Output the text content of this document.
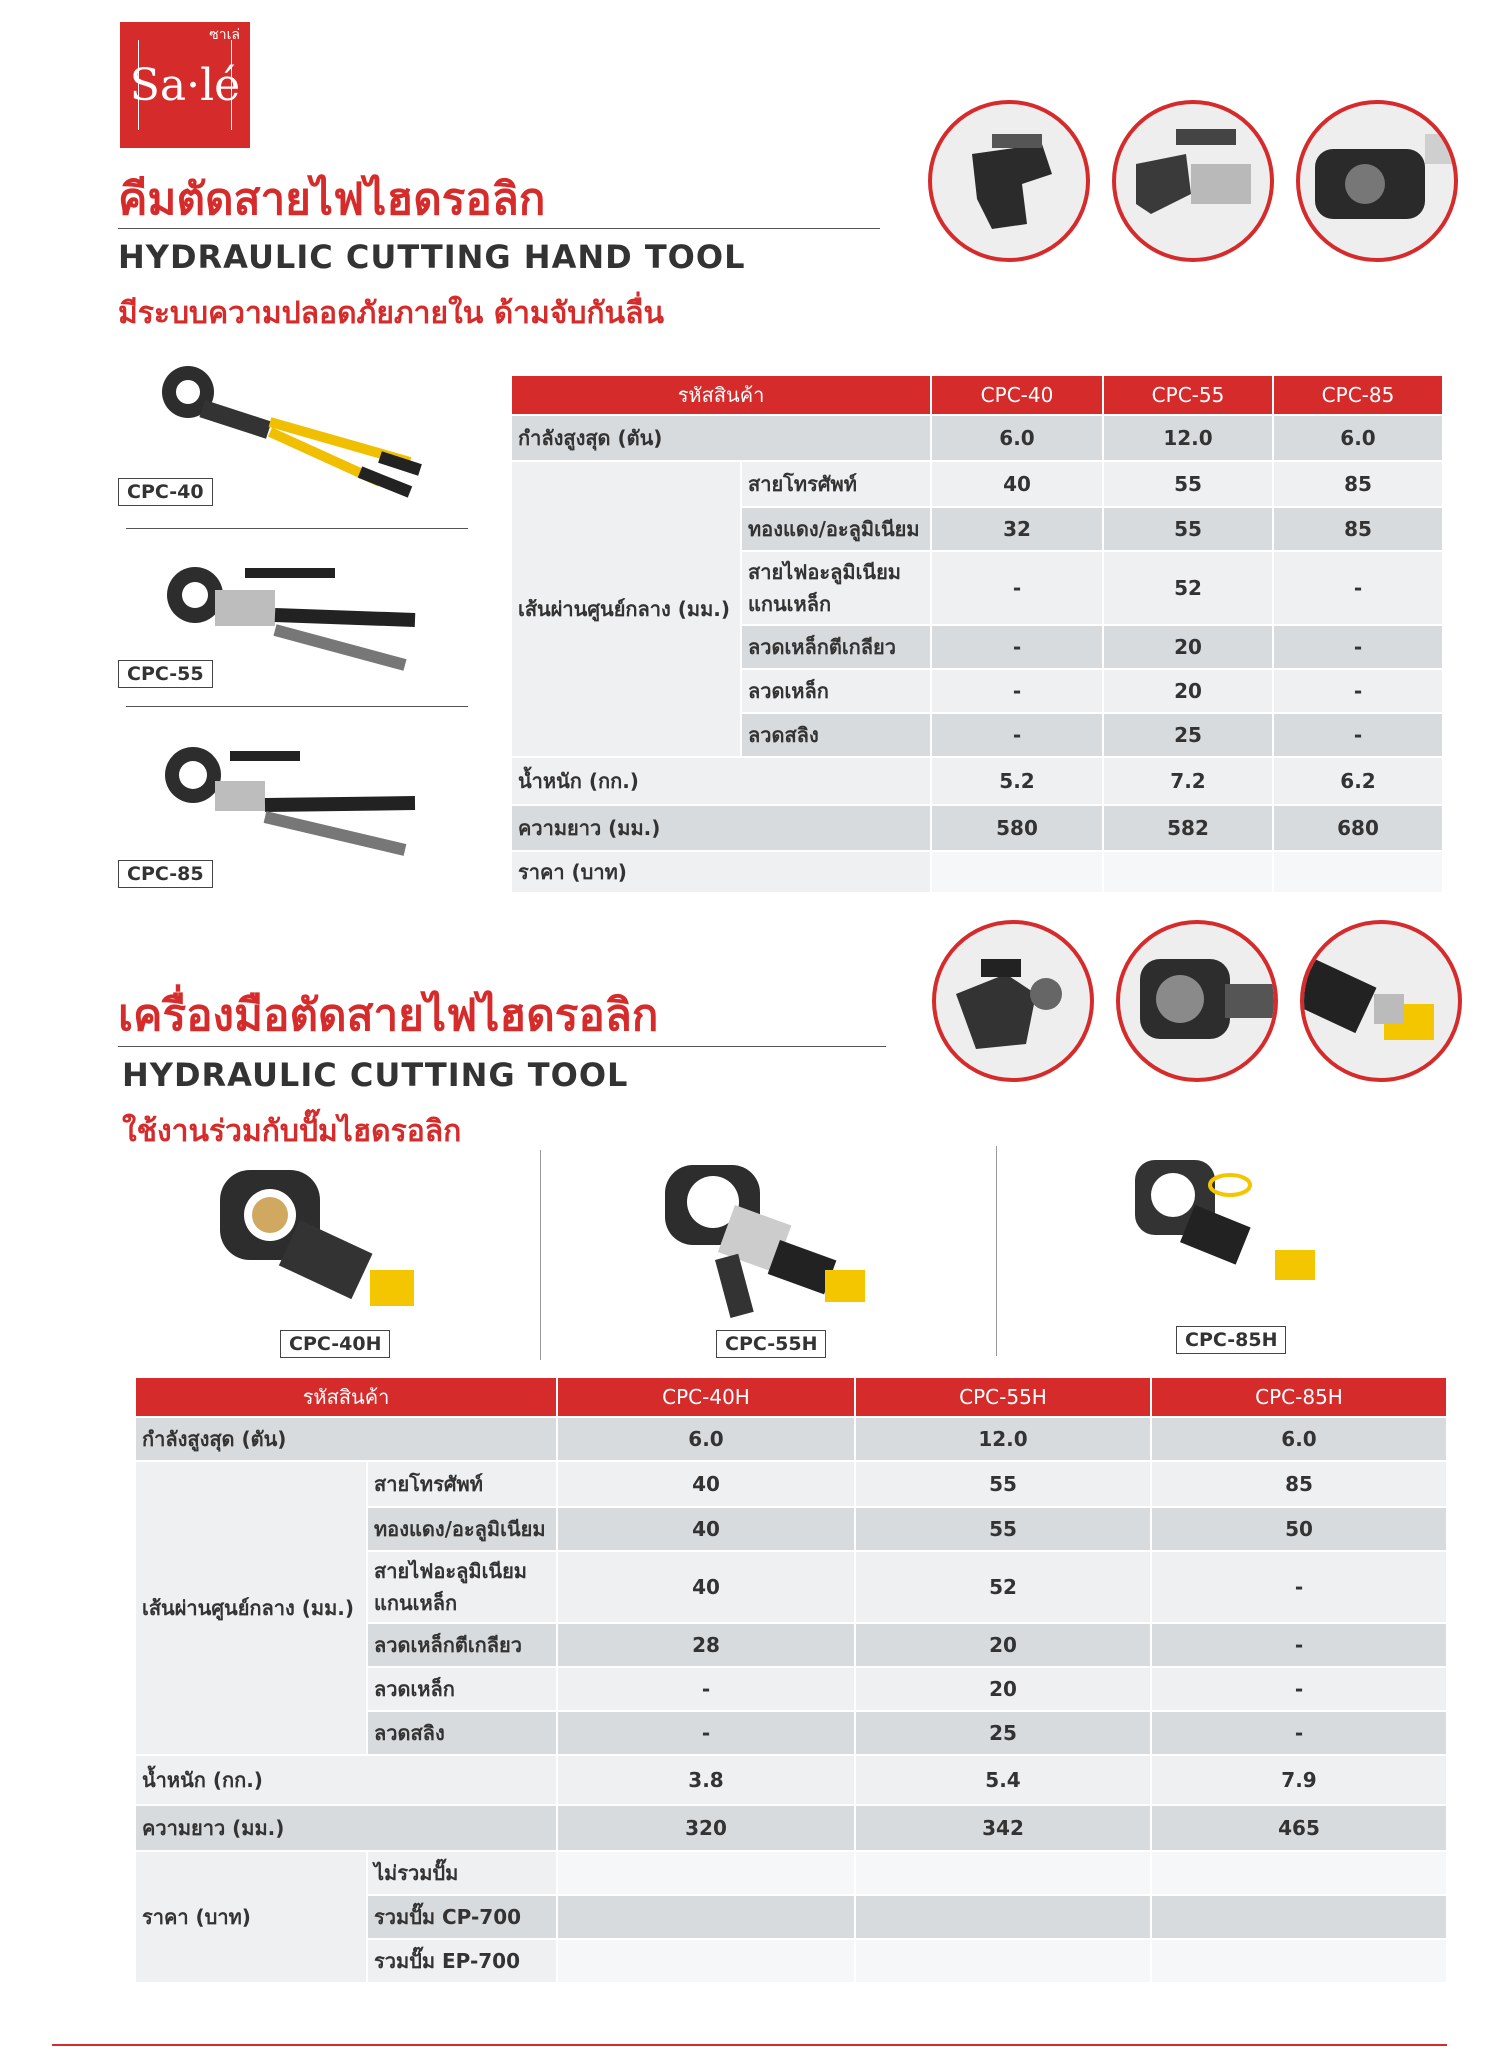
ซาเล่
Sa·lé
คีมตัดสายไฟไฮดรอลิก
HYDRAULIC CUTTING HAND TOOL
มีระบบความปลอดภัยภายใน ด้ามจับกันลื่น
CPC-40
CPC-55
CPC-85
รหัสสินค้า		CPC-40	CPC-55	CPC-85
กำลังสูงสุด (ตัน)		6.0	12.0	6.0
เส้นผ่านศูนย์กลาง (มม.)	สายโทรศัพท์	40	55	85
	ทองแดง/อะลูมิเนียม	32	55	85
	สายไฟอะลูมิเนียม แกนเหล็ก	-	52	-
	ลวดเหล็กตีเกลียว	-	20	-
	ลวดเหล็ก	-	20	-
	ลวดสลิง	-	25	-
น้ำหนัก (กก.)		5.2	7.2	6.2
ความยาว (มม.)		580	582	680
ราคา (บาท)				
เครื่องมือตัดสายไฟไฮดรอลิก
HYDRAULIC CUTTING TOOL
ใช้งานร่วมกับปั๊มไฮดรอลิก
CPC-40H	CPC-55H	CPC-85H
รหัสสินค้า		CPC-40H	CPC-55H	CPC-85H
กำลังสูงสุด (ตัน)		6.0	12.0	6.0
เส้นผ่านศูนย์กลาง (มม.)	สายโทรศัพท์	40	55	85
	ทองแดง/อะลูมิเนียม	40	55	50
	สายไฟอะลูมิเนียม แกนเหล็ก	40	52	-
	ลวดเหล็กตีเกลียว	28	20	-
	ลวดเหล็ก	-	20	-
	ลวดสลิง	-	25	-
น้ำหนัก (กก.)		3.8	5.4	7.9
ความยาว (มม.)		320	342	465
ราคา (บาท)	ไม่รวมปั๊ม			
	รวมปั๊ม CP-700			
	รวมปั๊ม EP-700			
